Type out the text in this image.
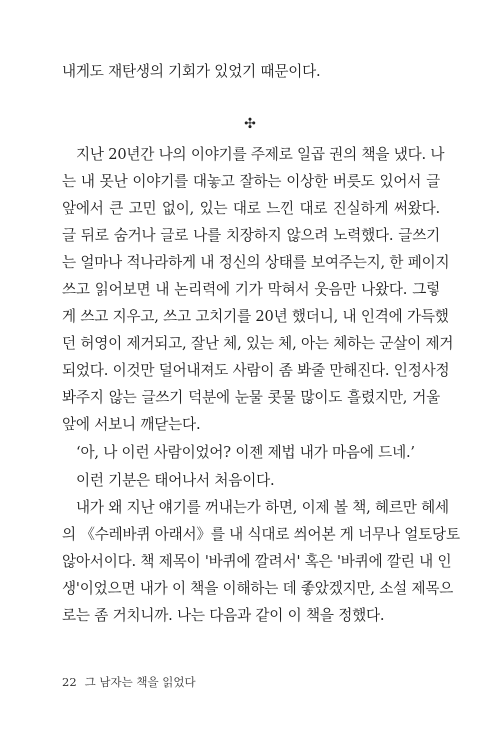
내게도 재탄생의 기회가 있었기 때문이다.
✣
지난 20년간 나의 이야기를 주제로 일곱 권의 책을 냈다. 나
는 내 못난 이야기를 대놓고 잘하는 이상한 버릇도 있어서 글
앞에서 큰 고민 없이, 있는 대로 느낀 대로 진실하게 써왔다.
글 뒤로 숨거나 글로 나를 치장하지 않으려 노력했다. 글쓰기
는 얼마나 적나라하게 내 정신의 상태를 보여주는지, 한 페이지
쓰고 읽어보면 내 논리력에 기가 막혀서 웃음만 나왔다. 그렇
게 쓰고 지우고, 쓰고 고치기를 20년 했더니, 내 인격에 가득했
던 허영이 제거되고, 잘난 체, 있는 체, 아는 체하는 군살이 제거
되었다. 이것만 덜어내져도 사람이 좀 봐줄 만해진다. 인정사정
봐주지 않는 글쓰기 덕분에 눈물 콧물 많이도 흘렸지만, 거울
앞에 서보니 깨닫는다.
‘아, 나 이런 사람이었어? 이젠 제법 내가 마음에 드네.’
이런 기분은 태어나서 처음이다.
내가 왜 지난 얘기를 꺼내는가 하면, 이제 볼 책, 헤르만 헤세
의 《수레바퀴 아래서》를 내 식대로 씌어본 게 너무나 얼토당토
않아서이다. 책 제목이 '바퀴에 깔려서' 혹은 '바퀴에 깔린 내 인
생'이었으면 내가 이 책을 이해하는 데 좋았겠지만, 소설 제목으
로는 좀 거치니까. 나는 다음과 같이 이 책을 정했다.
22 그 남자는 책을 읽었다
